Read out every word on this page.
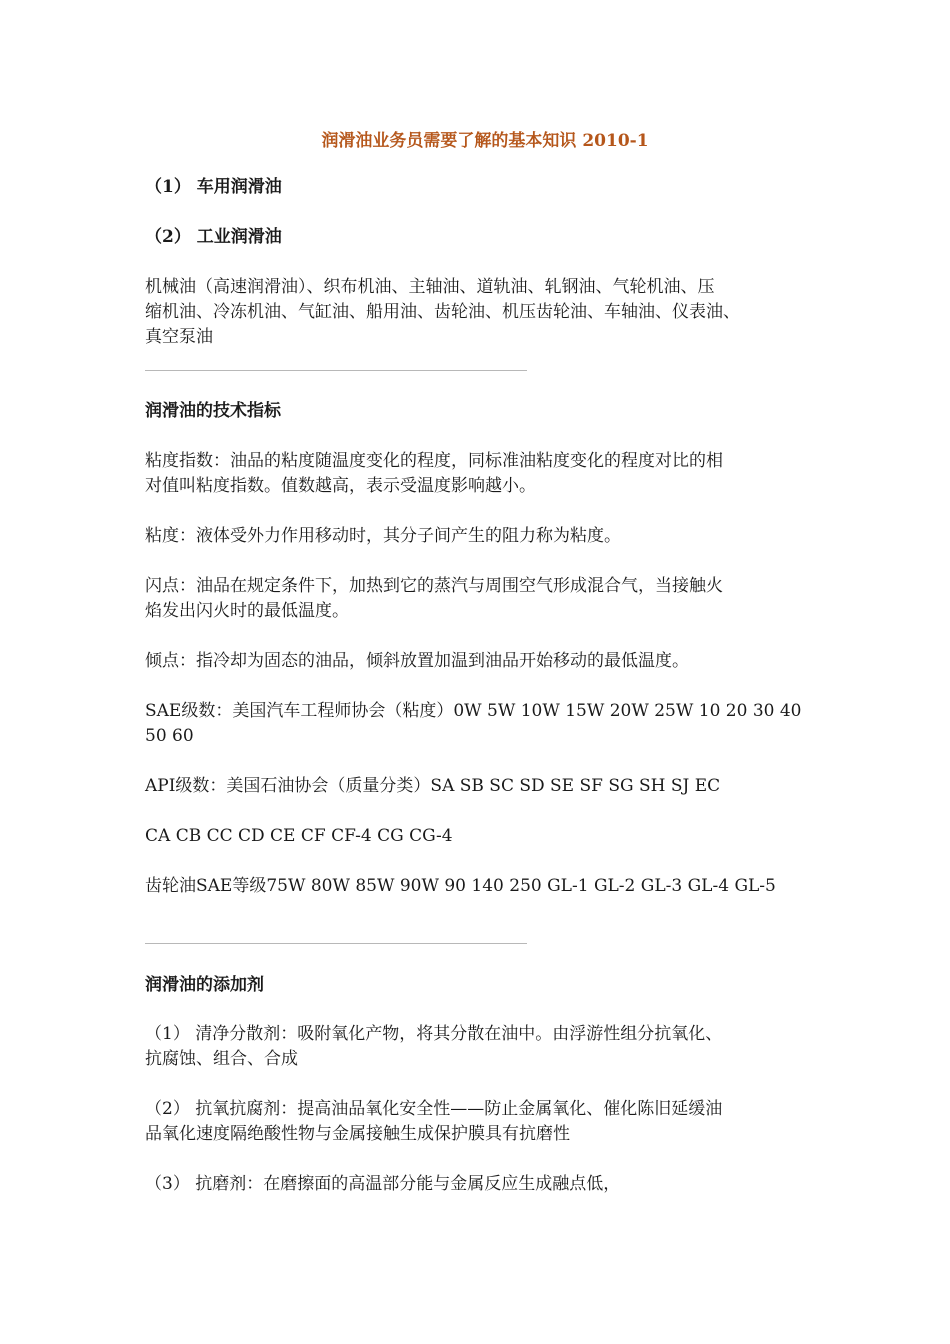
润滑油业务员需要了解的基本知识 2010-1
（1） 车用润滑油
（2） 工业润滑油
机械油（高速润滑油）、织布机油、主轴油、道轨油、轧钢油、气轮机油、压
缩机油、冷冻机油、气缸油、船用油、齿轮油、机压齿轮油、车轴油、仪表油、
真空泵油
润滑油的技术指标
粘度指数：油品的粘度随温度变化的程度，同标准油粘度变化的程度对比的相
对值叫粘度指数。值数越高，表示受温度影响越小。
粘度：液体受外力作用移动时，其分子间产生的阻力称为粘度。
闪点：油品在规定条件下，加热到它的蒸汽与周围空气形成混合气，当接触火
焰发出闪火时的最低温度。
倾点：指冷却为固态的油品，倾斜放置加温到油品开始移动的最低温度。
SAE级数：美国汽车工程师协会（粘度）0W 5W 10W 15W 20W 25W 10 20 30 40
50 60
API级数：美国石油协会（质量分类）SA SB SC SD SE SF SG SH SJ EC
CA CB CC CD CE CF CF-4 CG CG-4
齿轮油SAE等级75W 80W 85W 90W 90 140 250 GL-1 GL-2 GL-3 GL-4 GL-5
润滑油的添加剂
（1） 清净分散剂：吸附氧化产物，将其分散在油中。由浮游性组分抗氧化、
抗腐蚀、组合、合成
（2） 抗氧抗腐剂：提高油品氧化安全性——防止金属氧化、催化陈旧延缓油
品氧化速度隔绝酸性物与金属接触生成保护膜具有抗磨性
（3） 抗磨剂：在磨擦面的高温部分能与金属反应生成融点低，
